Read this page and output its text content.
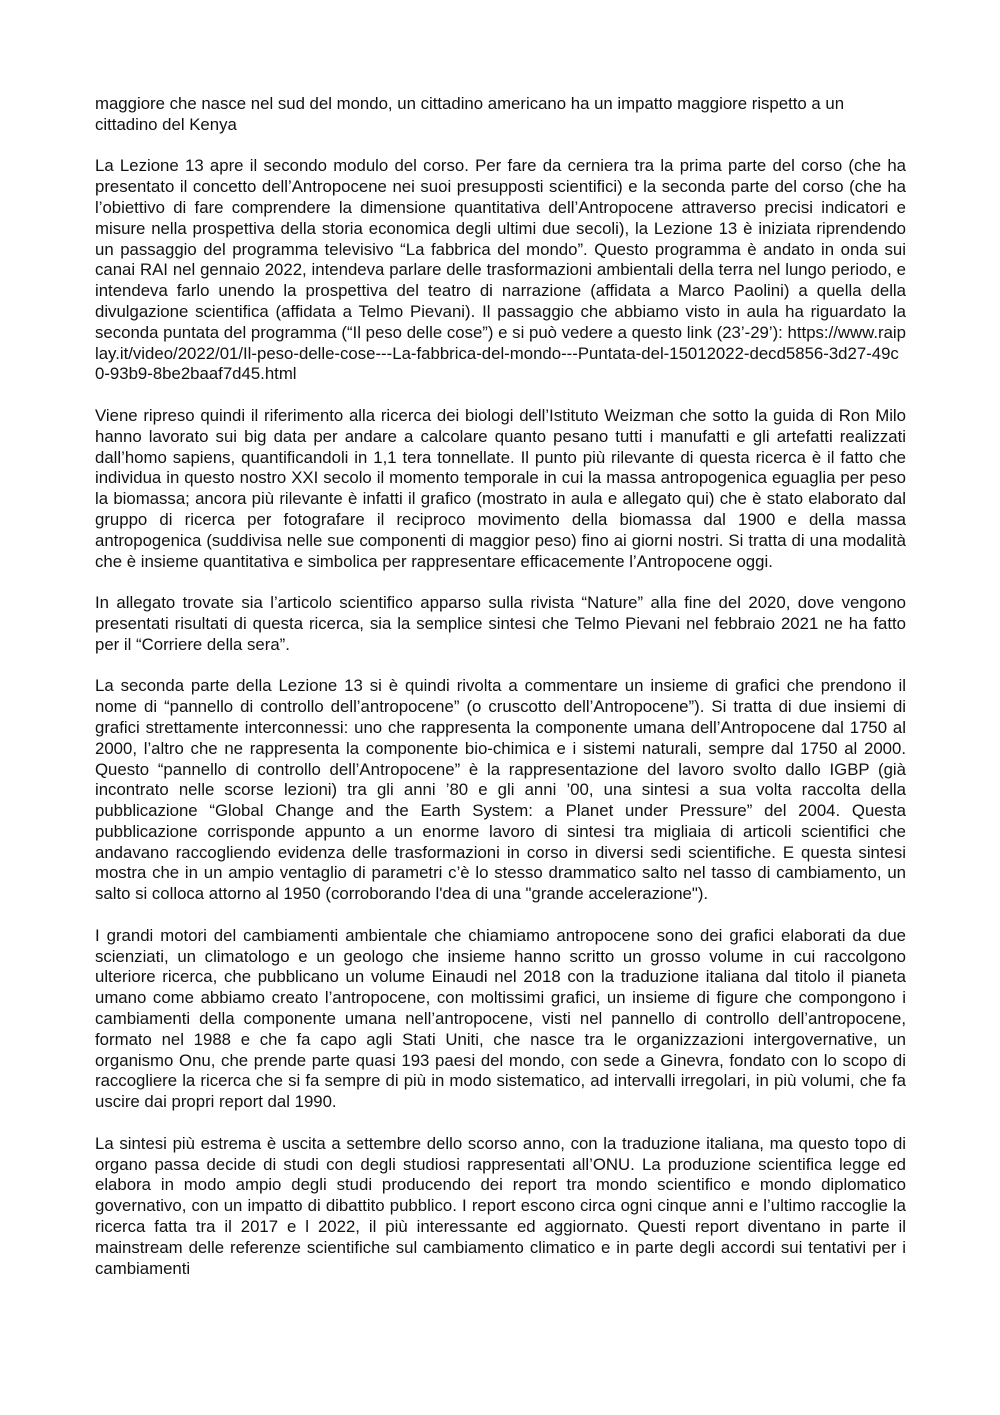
maggiore che nasce nel sud del mondo, un cittadino americano ha un impatto maggiore rispetto a un cittadino del Kenya

La Lezione 13 apre il secondo modulo del corso. Per fare da cerniera tra la prima parte del corso (che ha presentato il concetto dell’Antropocene nei suoi presupposti scientifici) e la seconda parte del corso (che ha l’obiettivo di fare comprendere la dimensione quantitativa dell’Antropocene attraverso precisi indicatori e misure nella prospettiva della storia economica degli ultimi due secoli), la Lezione 13 è iniziata riprendendo un passaggio del programma televisivo “La fabbrica del mondo”. Questo programma è andato in onda sui canai RAI nel gennaio 2022, intendeva parlare delle trasformazioni ambientali della terra nel lungo periodo, e intendeva farlo unendo la prospettiva del teatro di narrazione (affidata a Marco Paolini) a quella della divulgazione scientifica (affidata a Telmo Pievani). Il passaggio che abbiamo visto in aula ha riguardato la seconda puntata del programma (“Il peso delle cose”) e si può vedere a questo link (23’-29’): https://www.raiplay.it/video/2022/01/Il-peso-delle-cose---La-fabbrica-del-mondo---Puntata-del-15012022-decd5856-3d27-49c0-93b9-8be2baaf7d45.html

Viene ripreso quindi il riferimento alla ricerca dei biologi dell’Istituto Weizman che sotto la guida di Ron Milo hanno lavorato sui big data per andare a calcolare quanto pesano tutti i manufatti e gli artefatti realizzati dall’homo sapiens, quantificandoli in 1,1 tera tonnellate. Il punto più rilevante di questa ricerca è il fatto che individua in questo nostro XXI secolo il momento temporale in cui la massa antropogenica eguaglia per peso la biomassa; ancora più rilevante è infatti il grafico (mostrato in aula e allegato qui) che è stato elaborato dal gruppo di ricerca per fotografare il reciproco movimento della biomassa dal 1900 e della massa antropogenica (suddivisa nelle sue componenti di maggior peso) fino ai giorni nostri. Si tratta di una modalità che è insieme quantitativa e simbolica per rappresentare efficacemente l’Antropocene oggi.

In allegato trovate sia l’articolo scientifico apparso sulla rivista “Nature” alla fine del 2020, dove vengono presentati risultati di questa ricerca, sia la semplice sintesi che Telmo Pievani nel febbraio 2021 ne ha fatto per il “Corriere della sera”.

La seconda parte della Lezione 13 si è quindi rivolta a commentare un insieme di grafici che prendono il nome di “pannello di controllo dell’antropocene” (o cruscotto dell’Antropocene”). Si tratta di due insiemi di grafici strettamente interconnessi: uno che rappresenta la componente umana dell’Antropocene dal 1750 al 2000, l’altro che ne rappresenta la componente bio-chimica e i sistemi naturali, sempre dal 1750 al 2000. Questo “pannello di controllo dell’Antropocene” è la rappresentazione del lavoro svolto dallo IGBP (già incontrato nelle scorse lezioni) tra gli anni ’80 e gli anni ’00, una sintesi a sua volta raccolta della pubblicazione “Global Change and the Earth System: a Planet under Pressure” del 2004. Questa pubblicazione corrisponde appunto a un enorme lavoro di sintesi tra migliaia di articoli scientifici che andavano raccogliendo evidenza delle trasformazioni in corso in diversi sedi scientifiche. E questa sintesi mostra che in un ampio ventaglio di parametri c’è lo stesso drammatico salto nel tasso di cambiamento, un salto si colloca attorno al 1950 (corroborando l'dea di una "grande accelerazione").

I grandi motori del cambiamenti ambientale che chiamiamo antropocene sono dei grafici elaborati da due scienziati, un climatologo e un geologo che insieme hanno scritto un grosso volume in cui raccolgono ulteriore ricerca, che pubblicano un volume Einaudi nel 2018 con la traduzione italiana dal titolo il pianeta umano come abbiamo creato l’antropocene, con moltissimi grafici, un insieme di figure che compongono i cambiamenti della componente umana nell’antropocene, visti nel pannello di controllo dell’antropocene, formato nel 1988 e che fa capo agli Stati Uniti, che nasce tra le organizzazioni intergovernative, un organismo Onu, che prende parte quasi 193 paesi del mondo, con sede a Ginevra, fondato con lo scopo di raccogliere la ricerca che si fa sempre di più in modo sistematico, ad intervalli irregolari, in più volumi, che fa uscire dai propri report dal 1990.

La sintesi più estrema è uscita a settembre dello scorso anno, con la traduzione italiana, ma questo topo di organo passa decide di studi con degli studiosi rappresentati all’ONU. La produzione scientifica legge ed elabora in modo ampio degli studi producendo dei report tra mondo scientifico e mondo diplomatico governativo, con un impatto di dibattito pubblico. I report escono circa ogni cinque anni e l’ultimo raccoglie la ricerca fatta tra il 2017 e l 2022, il più interessante ed aggiornato. Questi report diventano in parte il mainstream delle referenze scientifiche sul cambiamento climatico e in parte degli accordi sui tentativi per i cambiamenti
